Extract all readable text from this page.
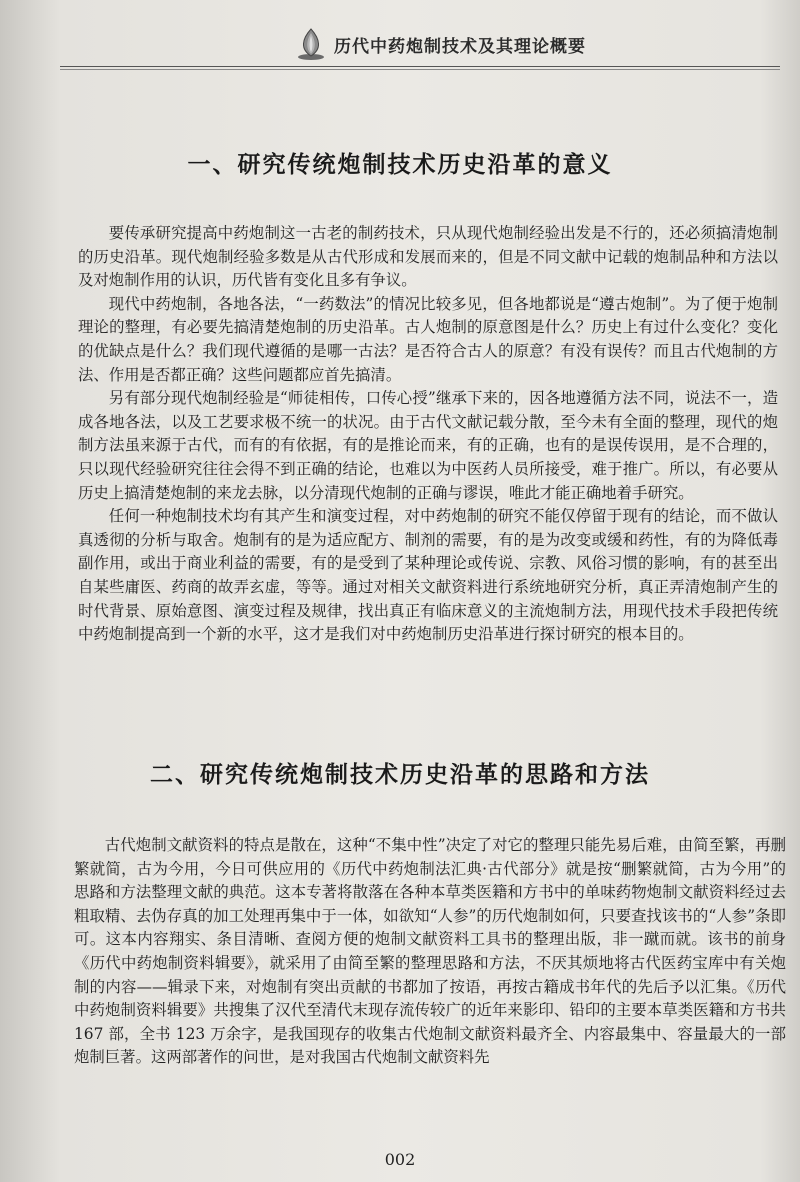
历代中药炮制技术及其理论概要
一、研究传统炮制技术历史沿革的意义

要传承研究提高中药炮制这一古老的制药技术，只从现代炮制经验出发是不行的，还必须搞清炮制的历史沿革。现代炮制经验多数是从古代形成和发展而来的，但是不同文献中记载的炮制品种和方法以及对炮制作用的认识，历代皆有变化且多有争议。

现代中药炮制，各地各法，“一药数法”的情况比较多见，但各地都说是“遵古炮制”。为了便于炮制理论的整理，有必要先搞清楚炮制的历史沿革。古人炮制的原意图是什么？历史上有过什么变化？变化的优缺点是什么？我们现代遵循的是哪一古法？是否符合古人的原意？有没有误传？而且古代炮制的方法、作用是否都正确？这些问题都应首先搞清。

另有部分现代炮制经验是“师徒相传，口传心授”继承下来的，因各地遵循方法不同，说法不一，造成各地各法，以及工艺要求极不统一的状况。由于古代文献记载分散，至今未有全面的整理，现代的炮制方法虽来源于古代，而有的有依据，有的是推论而来，有的正确，也有的是误传误用，是不合理的，只以现代经验研究往往会得不到正确的结论，也难以为中医药人员所接受，难于推广。所以，有必要从历史上搞清楚炮制的来龙去脉，以分清现代炮制的正确与谬误，唯此才能正确地着手研究。

任何一种炮制技术均有其产生和演变过程，对中药炮制的研究不能仅停留于现有的结论，而不做认真透彻的分析与取舍。炮制有的是为适应配方、制剂的需要，有的是为改变或缓和药性，有的为降低毒副作用，或出于商业利益的需要，有的是受到了某种理论或传说、宗教、风俗习惯的影响，有的甚至出自某些庸医、药商的故弄玄虚，等等。通过对相关文献资料进行系统地研究分析，真正弄清炮制产生的时代背景、原始意图、演变过程及规律，找出真正有临床意义的主流炮制方法，用现代技术手段把传统中药炮制提高到一个新的水平，这才是我们对中药炮制历史沿革进行探讨研究的根本目的。

二、研究传统炮制技术历史沿革的思路和方法

古代炮制文献资料的特点是散在，这种“不集中性”决定了对它的整理只能先易后难，由简至繁，再删繁就简，古为今用，今日可供应用的《历代中药炮制法汇典·古代部分》就是按“删繁就简，古为今用”的思路和方法整理文献的典范。这本专著将散落在各种本草类医籍和方书中的单味药物炮制文献资料经过去粗取精、去伪存真的加工处理再集中于一体，如欲知“人参”的历代炮制如何，只要查找该书的“人参”条即可。这本内容翔实、条目清晰、查阅方便的炮制文献资料工具书的整理出版，非一蹴而就。该书的前身《历代中药炮制资料辑要》，就采用了由简至繁的整理思路和方法，不厌其烦地将古代医药宝库中有关炮制的内容——辑录下来，对炮制有突出贡献的书都加了按语，再按古籍成书年代的先后予以汇集。《历代中药炮制资料辑要》共搜集了汉代至清代末现存流传较广的近年来影印、铅印的主要本草类医籍和方书共 167 部，全书 123 万余字，是我国现存的收集古代炮制文献资料最齐全、内容最集中、容量最大的一部炮制巨著。这两部著作的问世，是对我国古代炮制文献资料先

002
